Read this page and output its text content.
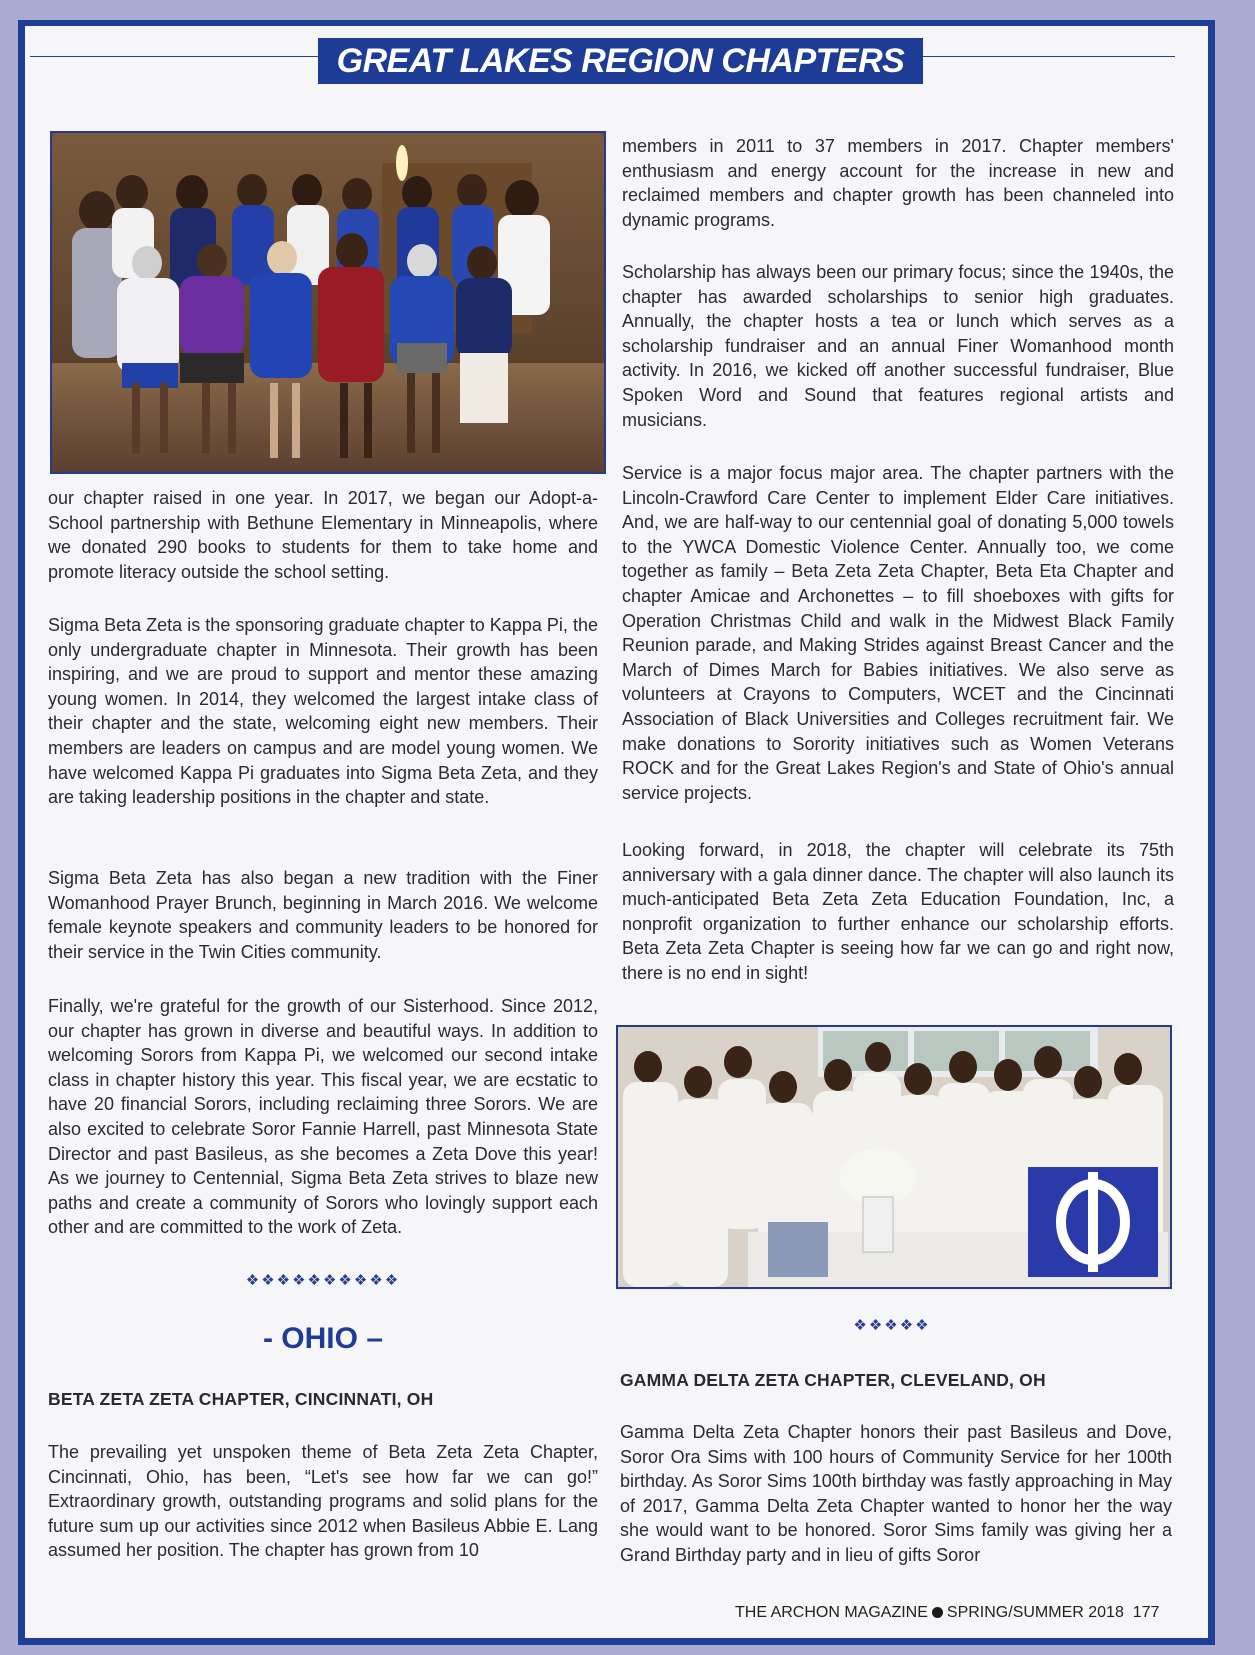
GREAT LAKES REGION CHAPTERS

our chapter raised in one year. In 2017, we began our Adopt-a-School partnership with Bethune Elementary in Minneapolis, where we donated 290 books to students for them to take home and promote literacy outside the school setting.

Sigma Beta Zeta is the sponsoring graduate chapter to Kappa Pi, the only undergraduate chapter in Minnesota. Their growth has been inspiring, and we are proud to support and mentor these amazing young women. In 2014, they welcomed the largest intake class of their chapter and the state, welcoming eight new members. Their members are leaders on campus and are model young women. We have welcomed Kappa Pi graduates into Sigma Beta Zeta, and they are taking leadership positions in the chapter and state.

Sigma Beta Zeta has also began a new tradition with the Finer Womanhood Prayer Brunch, beginning in March 2016. We welcome female keynote speakers and community leaders to be honored for their service in the Twin Cities community.

Finally, we're grateful for the growth of our Sisterhood. Since 2012, our chapter has grown in diverse and beautiful ways. In addition to welcoming Sorors from Kappa Pi, we welcomed our second intake class in chapter history this year. This fiscal year, we are ecstatic to have 20 financial Sorors, including reclaiming three Sorors. We are also excited to celebrate Soror Fannie Harrell, past Minnesota State Director and past Basileus, as she becomes a Zeta Dove this year! As we journey to Centennial, Sigma Beta Zeta strives to blaze new paths and create a community of Sorors who lovingly support each other and are committed to the work of Zeta.

❖❖❖❖❖❖❖❖❖❖
- OHIO –
BETA ZETA ZETA CHAPTER, CINCINNATI, OH

The prevailing yet unspoken theme of Beta Zeta Zeta Chapter, Cincinnati, Ohio, has been, “Let's see how far we can go!” Extraordinary growth, outstanding programs and solid plans for the future sum up our activities since 2012 when Basileus Abbie E. Lang assumed her position. The chapter has grown from 10

members in 2011 to 37 members in 2017. Chapter members' enthusiasm and energy account for the increase in new and reclaimed members and chapter growth has been channeled into dynamic programs.

Scholarship has always been our primary focus; since the 1940s, the chapter has awarded scholarships to senior high graduates. Annually, the chapter hosts a tea or lunch which serves as a scholarship fundraiser and an annual Finer Womanhood month activity. In 2016, we kicked off another successful fundraiser, Blue Spoken Word and Sound that features regional artists and musicians.

Service is a major focus major area. The chapter partners with the Lincoln-Crawford Care Center to implement Elder Care initiatives. And, we are half-way to our centennial goal of donating 5,000 towels to the YWCA Domestic Violence Center. Annually too, we come together as family – Beta Zeta Zeta Chapter, Beta Eta Chapter and chapter Amicae and Archonettes – to fill shoeboxes with gifts for Operation Christmas Child and walk in the Midwest Black Family Reunion parade, and Making Strides against Breast Cancer and the March of Dimes March for Babies initiatives. We also serve as volunteers at Crayons to Computers, WCET and the Cincinnati Association of Black Universities and Colleges recruitment fair. We make donations to Sorority initiatives such as Women Veterans ROCK and for the Great Lakes Region's and State of Ohio's annual service projects.

Looking forward, in 2018, the chapter will celebrate its 75th anniversary with a gala dinner dance. The chapter will also launch its much-anticipated Beta Zeta Zeta Education Foundation, Inc, a nonprofit organization to further enhance our scholarship efforts. Beta Zeta Zeta Chapter is seeing how far we can go and right now, there is no end in sight!

❖❖❖❖❖
GAMMA DELTA ZETA CHAPTER, CLEVELAND, OH

Gamma Delta Zeta Chapter honors their past Basileus and Dove, Soror Ora Sims with 100 hours of Community Service for her 100th birthday. As Soror Sims 100th birthday was fastly approaching in May of 2017, Gamma Delta Zeta Chapter wanted to honor her the way she would want to be honored. Soror Sims family was giving her a Grand Birthday party and in lieu of gifts Soror

THE ARCHON MAGAZINE SPRING/SUMMER 2018 177
